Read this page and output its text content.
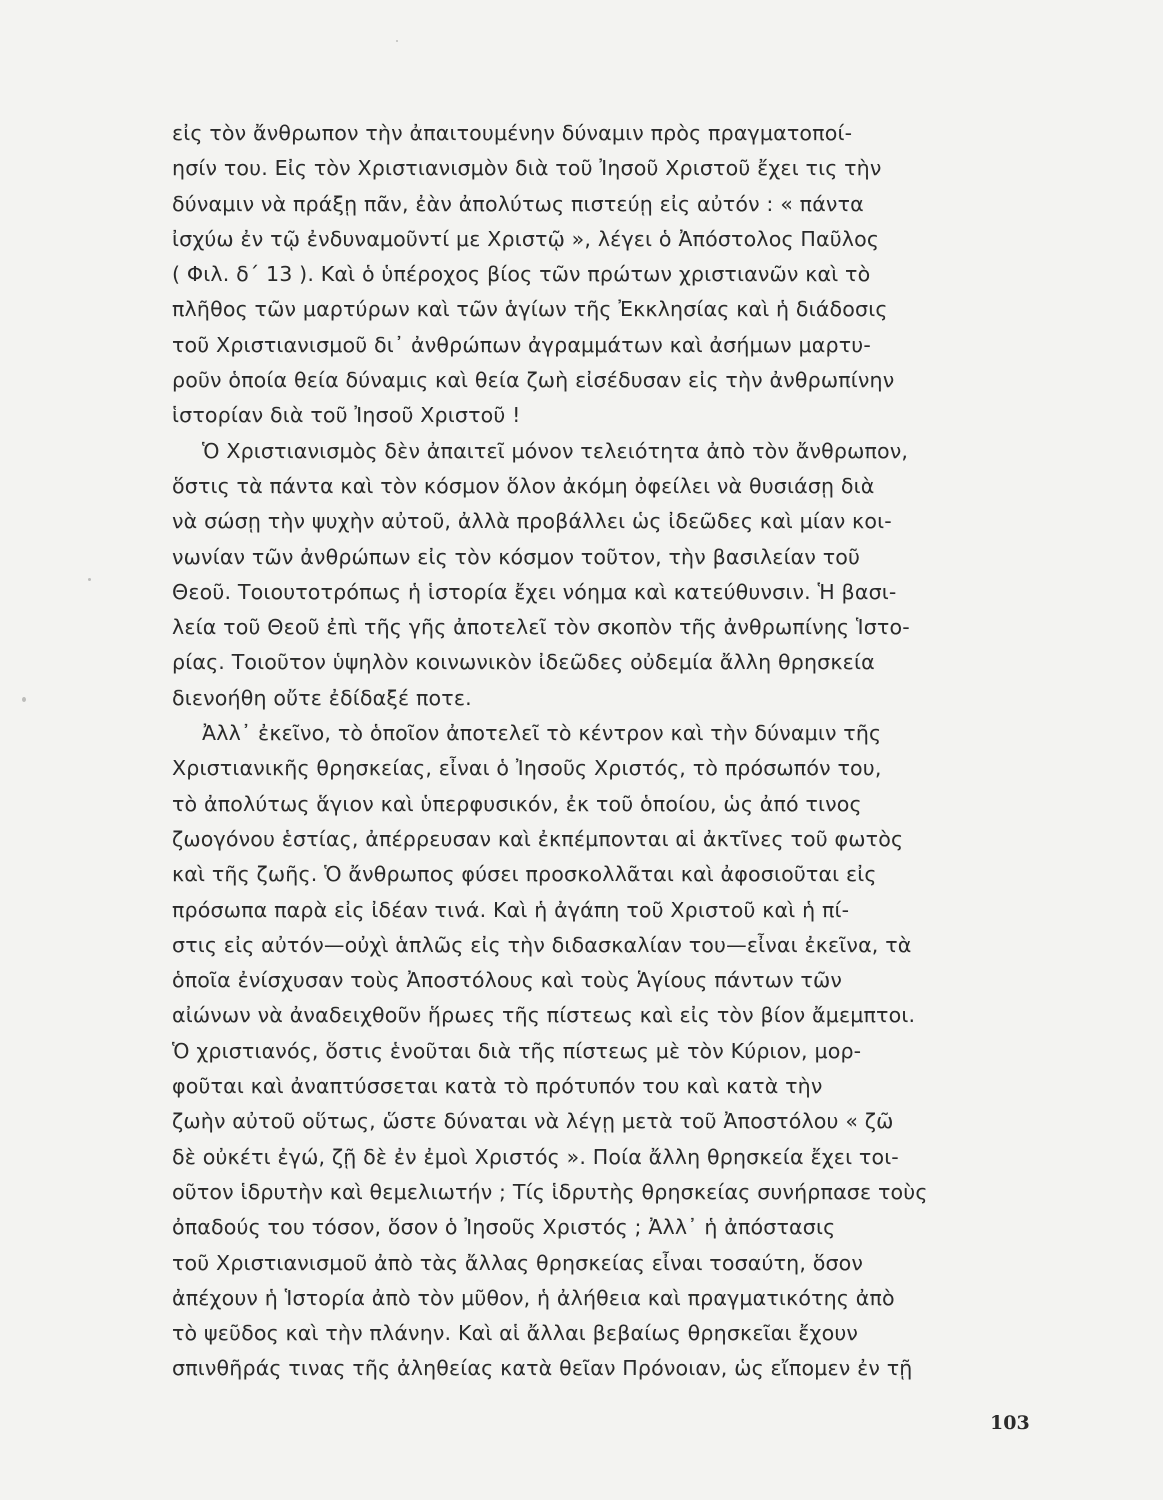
εἰς τὸν ἄνθρωπον τὴν ἀπαιτουμένην δύναμιν πρὸς πραγματοποί-
ησίν του. Εἰς τὸν Χριστιανισμὸν διὰ τοῦ Ἰησοῦ Χριστοῦ ἔχει τις τὴν
δύναμιν νὰ πράξῃ πᾶν, ἐὰν ἀπολύτως πιστεύῃ εἰς αὐτόν : « πάντα
ἰσχύω ἐν τῷ ἐνδυναμοῦντί με Χριστῷ », λέγει ὁ Ἀπόστολος Παῦλος
( Φιλ. δ΄ 13 ). Καὶ ὁ ὑπέροχος βίος τῶν πρώτων χριστιανῶν καὶ τὸ
πλῆθος τῶν μαρτύρων καὶ τῶν ἁγίων τῆς Ἐκκλησίας καὶ ἡ διάδοσις
τοῦ Χριστιανισμοῦ δι᾽ ἀνθρώπων ἀγραμμάτων καὶ ἀσήμων μαρτυ-
ροῦν ὁποία θεία δύναμις καὶ θεία ζωὴ εἰσέδυσαν εἰς τὴν ἀνθρωπίνην
ἱστορίαν διὰ τοῦ Ἰησοῦ Χριστοῦ !
Ὁ Χριστιανισμὸς δὲν ἀπαιτεῖ μόνον τελειότητα ἀπὸ τὸν ἄνθρωπον,
ὅστις τὰ πάντα καὶ τὸν κόσμον ὅλον ἀκόμη ὀφείλει νὰ θυσιάσῃ διὰ
νὰ σώσῃ τὴν ψυχὴν αὐτοῦ, ἀλλὰ προβάλλει ὡς ἰδεῶδες καὶ μίαν κοι-
νωνίαν τῶν ἀνθρώπων εἰς τὸν κόσμον τοῦτον, τὴν βασιλείαν τοῦ
Θεοῦ. Τοιουτοτρόπως ἡ ἱστορία ἔχει νόημα καὶ κατεύθυνσιν. Ἡ βασι-
λεία τοῦ Θεοῦ ἐπὶ τῆς γῆς ἀποτελεῖ τὸν σκοπὸν τῆς ἀνθρωπίνης Ἱστο-
ρίας. Τοιοῦτον ὑψηλὸν κοινωνικὸν ἰδεῶδες οὐδεμία ἄλλη θρησκεία
διενοήθη οὔτε ἐδίδαξέ ποτε.
Ἀλλ᾽ ἐκεῖνο, τὸ ὁποῖον ἀποτελεῖ τὸ κέντρον καὶ τὴν δύναμιν τῆς
Χριστιανικῆς θρησκείας, εἶναι ὁ Ἰησοῦς Χριστός, τὸ πρόσωπόν του,
τὸ ἀπολύτως ἅγιον καὶ ὑπερφυσικόν, ἐκ τοῦ ὁποίου, ὡς ἀπό τινος
ζωογόνου ἑστίας, ἀπέρρευσαν καὶ ἐκπέμπονται αἱ ἀκτῖνες τοῦ φωτὸς
καὶ τῆς ζωῆς. Ὁ ἄνθρωπος φύσει προσκολλᾶται καὶ ἀφοσιοῦται εἰς
πρόσωπα παρὰ εἰς ἰδέαν τινά. Καὶ ἡ ἀγάπη τοῦ Χριστοῦ καὶ ἡ πί-
στις εἰς αὐτόν—οὐχὶ ἁπλῶς εἰς τὴν διδασκαλίαν του—εἶναι ἐκεῖνα, τὰ
ὁποῖα ἐνίσχυσαν τοὺς Ἀποστόλους καὶ τοὺς Ἁγίους πάντων τῶν
αἰώνων νὰ ἀναδειχθοῦν ἥρωες τῆς πίστεως καὶ εἰς τὸν βίον ἄμεμπτοι.
Ὁ χριστιανός, ὅστις ἑνοῦται διὰ τῆς πίστεως μὲ τὸν Κύριον, μορ-
φοῦται καὶ ἀναπτύσσεται κατὰ τὸ πρότυπόν του καὶ κατὰ τὴν
ζωὴν αὐτοῦ οὕτως, ὥστε δύναται νὰ λέγῃ μετὰ τοῦ Ἀποστόλου « ζῶ
δὲ οὐκέτι ἐγώ, ζῇ δὲ ἐν ἐμοὶ Χριστός ». Ποία ἄλλη θρησκεία ἔχει τοι-
οῦτον ἱδρυτὴν καὶ θεμελιωτήν ; Τίς ἱδρυτὴς θρησκείας συνήρπασε τοὺς
ὀπαδούς του τόσον, ὅσον ὁ Ἰησοῦς Χριστός ; Ἀλλ᾽ ἡ ἀπόστασις
τοῦ Χριστιανισμοῦ ἀπὸ τὰς ἄλλας θρησκείας εἶναι τοσαύτη, ὅσον
ἀπέχουν ἡ Ἱστορία ἀπὸ τὸν μῦθον, ἡ ἀλήθεια καὶ πραγματικότης ἀπὸ
τὸ ψεῦδος καὶ τὴν πλάνην. Καὶ αἱ ἄλλαι βεβαίως θρησκεῖαι ἔχουν
σπινθῆράς τινας τῆς ἀληθείας κατὰ θεῖαν Πρόνοιαν, ὡς εἴπομεν ἐν τῇ
103
